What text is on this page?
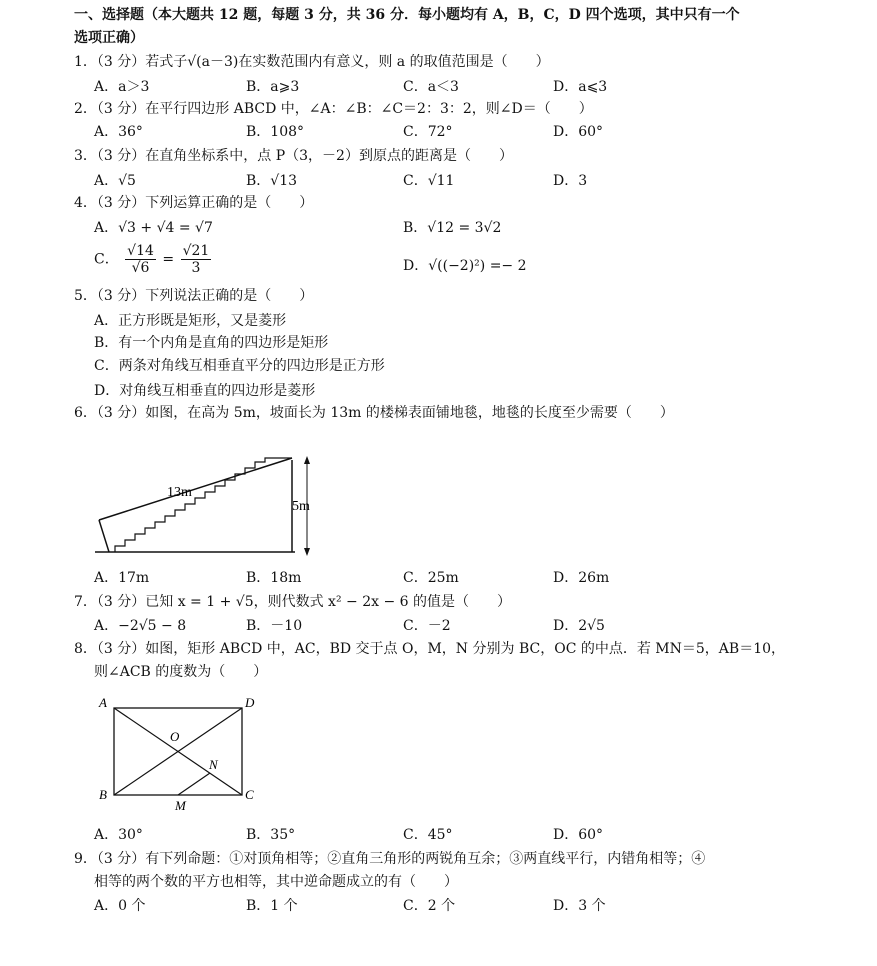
一、选择题（本大题共 12 题，每题 3 分，共 36 分．每小题均有 A，B，C，D 四个选项，其中只有一个
选项正确）
1．（3 分）若式子√(a－3)在实数范围内有意义，则 a 的取值范围是（　　）
A．a＞3	B．a⩾3	C．a＜3	D．a⩽3
2．（3 分）在平行四边形 ABCD 中，∠A：∠B：∠C＝2：3：2，则∠D＝（　　）
A．36°	B．108°	C．72°	D．60°
3．（3 分）在直角坐标系中，点 P（3，－2）到原点的距离是（　　）
A．√5	B．√13	C．√11	D．3
4．（3 分）下列运算正确的是（　　）
A．√3 + √4 = √7	B．√12 = 3√2
C． $\frac{√14}{√6} = \frac{√21}{3}$	D．√((−2)²) =− 2
5．（3 分）下列说法正确的是（　　）
A．正方形既是矩形，又是菱形
B．有一个内角是直角的四边形是矩形
C．两条对角线互相垂直平分的四边形是正方形
D．对角线互相垂直的四边形是菱形
6．（3 分）如图，在高为 5m，坡面长为 13m 的楼梯表面铺地毯，地毯的长度至少需要（　　）
13m
5m
A．17m	B．18m	C．25m	D．26m
7．（3 分）已知 x = 1 + √5，则代数式 x² − 2x − 6 的值是（　　）
A．−2√5 − 8	B．－10	C．－2	D．2√5
8．（3 分）如图，矩形 ABCD 中，AC，BD 交于点 O，M，N 分别为 BC，OC 的中点．若 MN＝5，AB＝10，
则∠ACB 的度数为（　　）
A	D
B	C
O
N
M
A．30°	B．35°	C．45°	D．60°
9．（3 分）有下列命题：①对顶角相等；②直角三角形的两锐角互余；③两直线平行，内错角相等；④
相等的两个数的平方也相等，其中逆命题成立的有（　　）
A．0 个	B．1 个	C．2 个	D．3 个
